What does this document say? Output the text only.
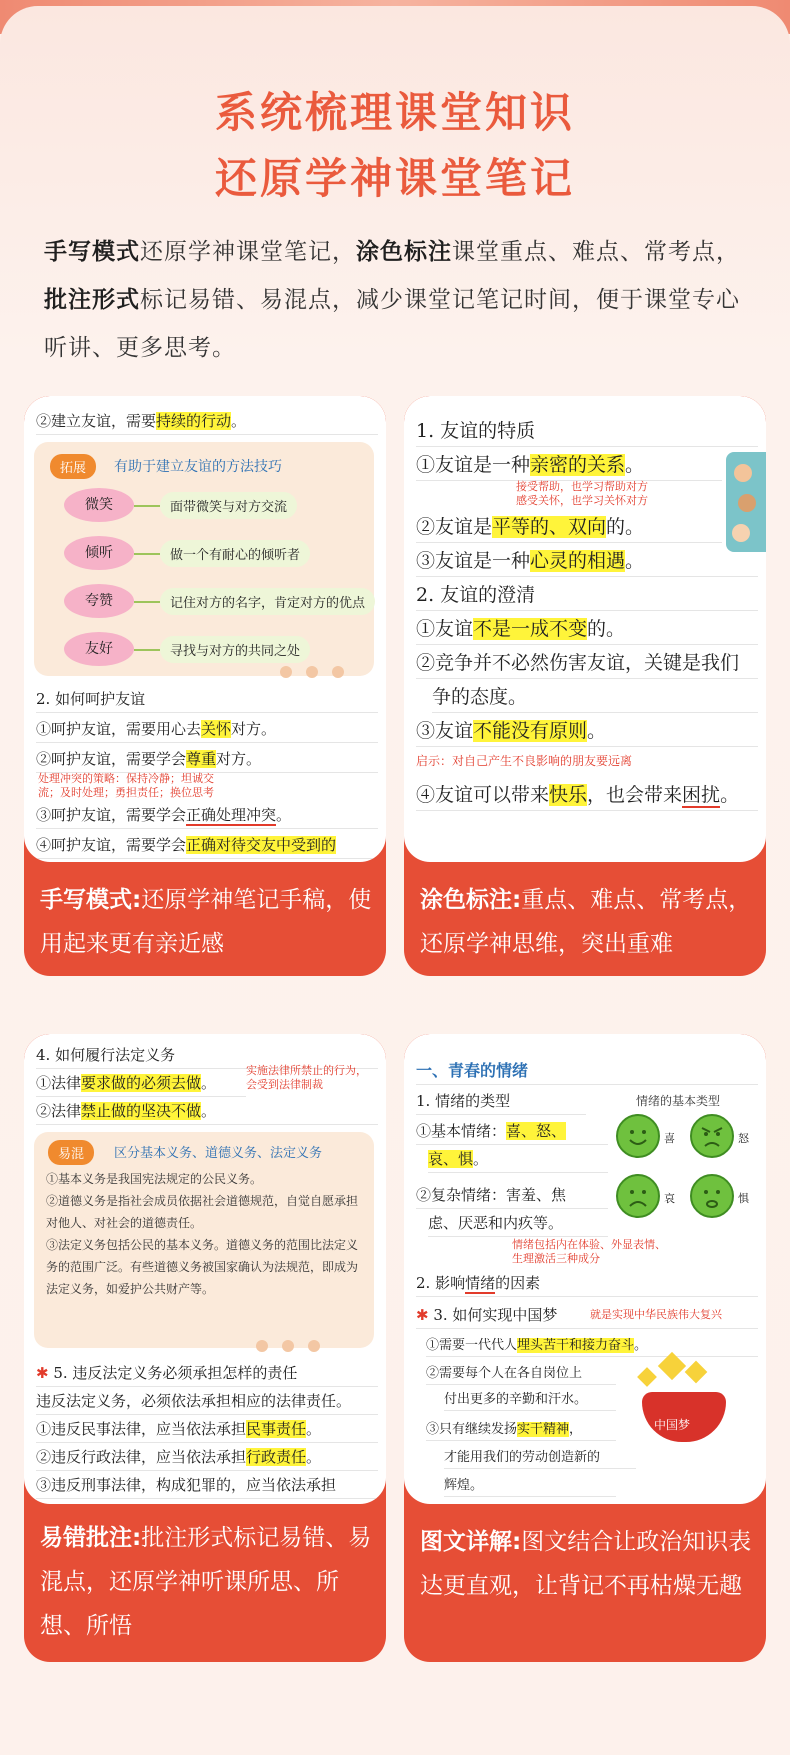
系统梳理课堂知识
还原学神课堂笔记
手写模式还原学神课堂笔记，涂色标注课堂重点、难点、常考点，批注形式标记易错、易混点，减少课堂记笔记时间，便于课堂专心听讲、更多思考。
②建立友谊，需要持续的行动。
拓展	有助于建立友谊的方法技巧
微笑	面带微笑与对方交流
倾听	做一个有耐心的倾听者
夸赞	记住对方的名字，肯定对方的优点
友好	寻找与对方的共同之处
2. 如何呵护友谊
①呵护友谊，需要用心去关怀对方。
②呵护友谊，需要学会尊重对方。
处理冲突的策略：保持冷静；坦诚交
流；及时处理；勇担责任；换位思考
③呵护友谊，需要学会正确处理冲突。
④呵护友谊，需要学会正确对待交友中受到的
手写模式:还原学神笔记手稿，使用起来更有亲近感
1. 友谊的特质
①友谊是一种亲密的关系。
接受帮助，也学习帮助对方
感受关怀，也学习关怀对方
②友谊是平等的、双向的。
③友谊是一种心灵的相遇。
2. 友谊的澄清
①友谊不是一成不变的。
②竞争并不必然伤害友谊，关键是我们
争的态度。
③友谊不能没有原则。
启示：对自己产生不良影响的朋友要远离
④友谊可以带来快乐，也会带来困扰。
涂色标注:重点、难点、常考点，还原学神思维，突出重难
4. 如何履行法定义务
①法律要求做的必须去做。
实施法律所禁止的行为，
会受到法律制裁
②法律禁止做的坚决不做。
易混	区分基本义务、道德义务、法定义务
①基本义务是我国宪法规定的公民义务。
②道德义务是指社会成员依据社会道德规范，自觉自愿承担对他人、对社会的道德责任。
③法定义务包括公民的基本义务。道德义务的范围比法定义务的范围广泛。有些道德义务被国家确认为法规范，即成为法定义务，如爱护公共财产等。
✱ 5. 违反法定义务必须承担怎样的责任
违反法定义务，必须依法承担相应的法律责任。
①违反民事法律，应当依法承担民事责任。
②违反行政法律，应当依法承担行政责任。
③违反刑事法律，构成犯罪的，应当依法承担
易错批注:批注形式标记易错、易混点，还原学神听课所思、所想、所悟
一、青春的情绪
1. 情绪的类型	情绪的基本类型
喜	怒
哀	惧
①基本情绪：喜、怒、
哀、惧。
②复杂情绪：害羞、焦
虑、厌恶和内疚等。
情绪包括内在体验、外显表情、
生理激活三种成分
2. 影响情绪的因素
✱ 3. 如何实现中国梦	就是实现中华民族伟大复兴
①需要一代代人埋头苦干和接力奋斗。
②需要每个人在各自岗位上
付出更多的辛勤和汗水。
③只有继续发扬实干精神，
才能用我们的劳动创造新的
辉煌。
中国梦
图文详解:图文结合让政治知识表达更直观，让背记不再枯燥无趣
